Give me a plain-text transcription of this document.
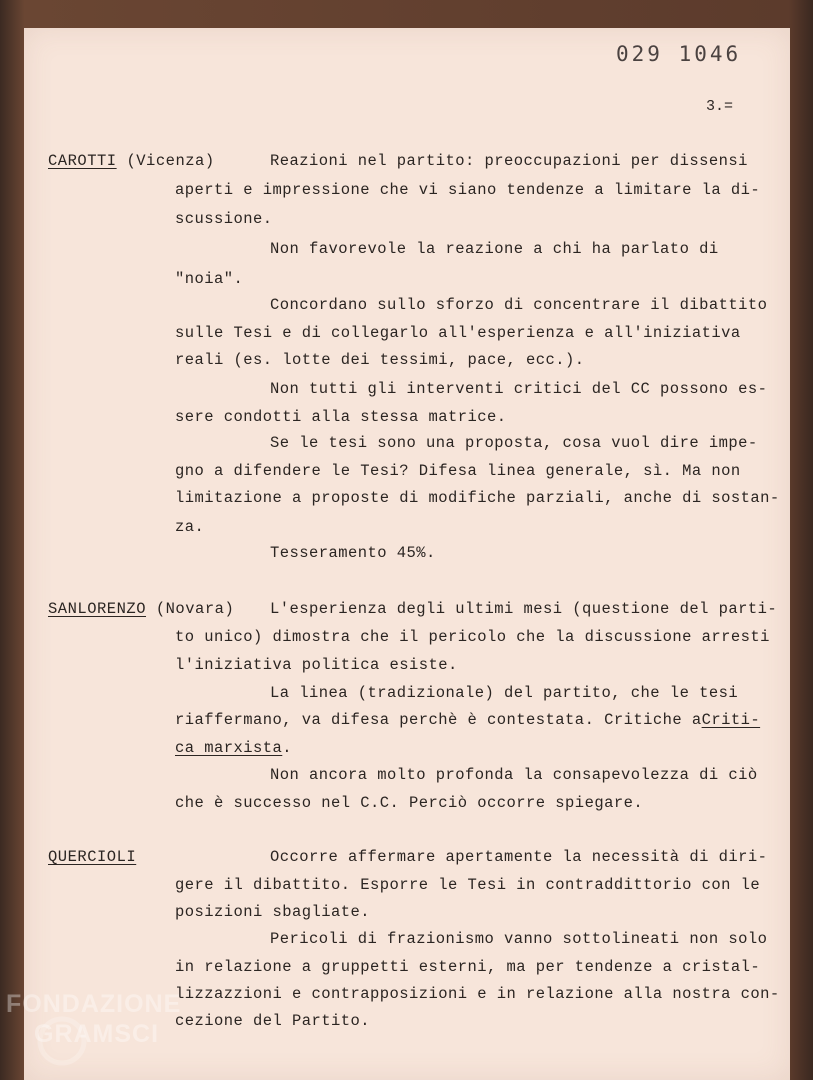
029 1046
3.=
CAROTTI (Vicenza)	Reazioni nel partito: preoccupazioni per dissensi
aperti e impressione che vi siano tendenze a limitare la di-
scussione.
Non favorevole la reazione a chi ha parlato di
"noia".
Concordano sullo sforzo di concentrare il dibattito
sulle Tesi e di collegarlo all'esperienza e all'iniziativa
reali (es. lotte dei tessimi, pace, ecc.).
Non tutti gli interventi critici del CC possono es-
sere condotti alla stessa matrice.
Se le tesi sono una proposta, cosa vuol dire impe-
gno a difendere le Tesi? Difesa linea generale, sì. Ma non
limitazione a proposte di modifiche parziali, anche di sostan-
za.
Tesseramento 45%.
SANLORENZO (Novara) L'esperienza degli ultimi mesi (questione del parti-
to unico) dimostra che il pericolo che la discussione arresti
l'iniziativa politica esiste.
La linea (tradizionale) del partito, che le tesi
riaffermano, va difesa perchè è contestata. Critiche aCriti-
ca marxista.
Non ancora molto profonda la consapevolezza di ciò
che è successo nel C.C. Perciò occorre spiegare.
QUERCIOLI	Occorre affermare apertamente la necessità di diri-
gere il dibattito. Esporre le Tesi in contraddittorio con le
posizioni sbagliate.
Pericoli di frazionismo vanno sottolineati non solo
in relazione a gruppetti esterni, ma per tendenze a cristal-
lizzazzioni e contrapposizioni e in relazione alla nostra con-
cezione del Partito.
FONDAZIONE
GRAMSCI
